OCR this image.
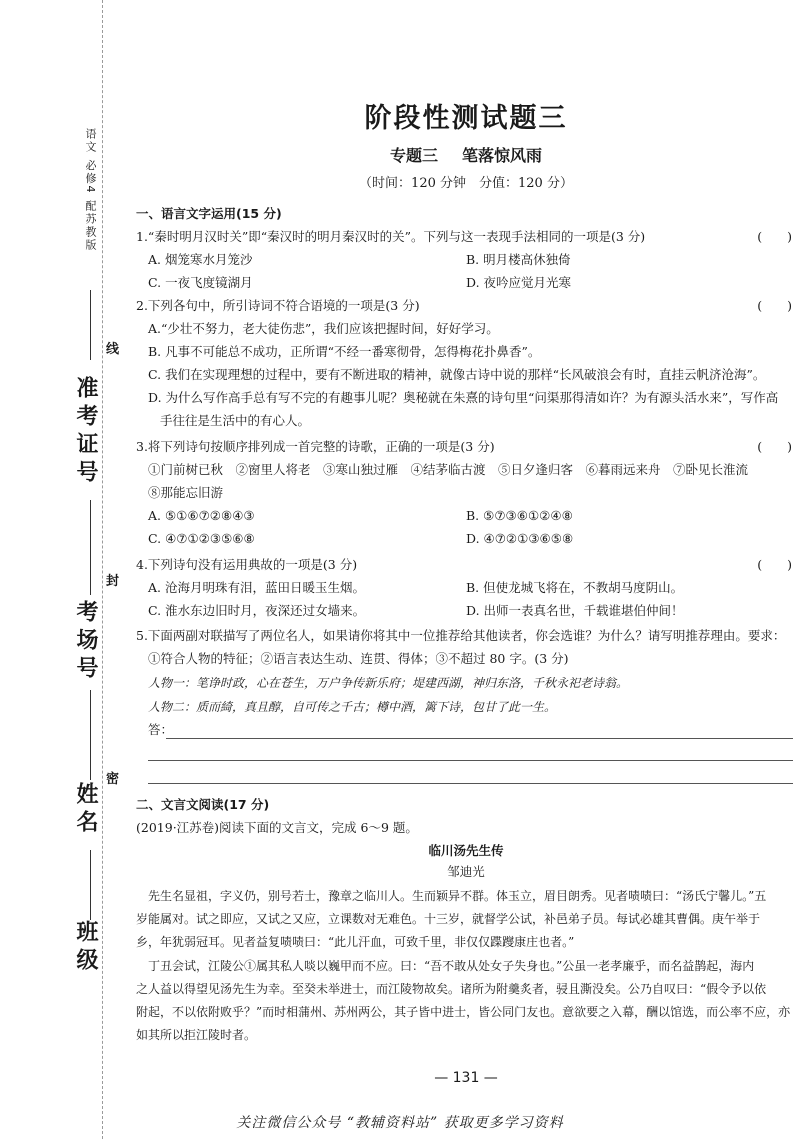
语文 必修4 配苏教版
准考证号
考场号
姓名
班级
线
封
密
阶段性测试题三
专题三 笔落惊风雨
（时间：120 分钟　分值：120 分）
一、语言文字运用(15 分)
1.“秦时明月汉时关”即“秦汉时的明月秦汉时的关”。下列与这一表现手法相同的一项是(3 分)	(　　)
A. 烟笼寒水月笼沙	B. 明月楼高休独倚
C. 一夜飞度镜湖月	D. 夜吟应觉月光寒
2.下列各句中，所引诗词不符合语境的一项是(3 分)	(　　)
A.“少壮不努力，老大徒伤悲”，我们应该把握时间，好好学习。
B. 凡事不可能总不成功，正所谓“不经一番寒彻骨，怎得梅花扑鼻香”。
C. 我们在实现理想的过程中，要有不断进取的精神，就像古诗中说的那样“长风破浪会有时，直挂云帆济沧海”。
D. 为什么写作高手总有写不完的有趣事儿呢？奥秘就在朱熹的诗句里“问渠那得清如许？为有源头活水来”，写作高
手往往是生活中的有心人。
3.将下列诗句按顺序排列成一首完整的诗歌，正确的一项是(3 分)	(　　)
①门前树已秋　②窗里人将老　③寒山独过雁　④结茅临古渡　⑤日夕逢归客　⑥暮雨远来舟　⑦卧见长淮流
⑧那能忘旧游
A. ⑤①⑥⑦②⑧④③	B. ⑤⑦③⑥①②④⑧
C. ④⑦①②③⑤⑥⑧	D. ④⑦②①③⑥⑤⑧
4.下列诗句没有运用典故的一项是(3 分)	(　　)
A. 沧海月明珠有泪，蓝田日暖玉生烟。	B. 但使龙城飞将在，不教胡马度阴山。
C. 淮水东边旧时月，夜深还过女墙来。	D. 出师一表真名世，千载谁堪伯仲间！
5.下面两副对联描写了两位名人，如果请你将其中一位推荐给其他读者，你会选谁？为什么？请写明推荐理由。要求：
①符合人物的特征；②语言表达生动、连贯、得体；③不超过 80 字。(3 分)
人物一：笔诤时政，心在苍生，万户争传新乐府；堤建西湖，神归东洛，千秋永祀老诗翁。
人物二：质而綺，真且醇，自可传之千古；樽中酒，篱下诗，包甘了此一生。
答：
二、文言文阅读(17 分)
(2019·江苏卷)阅读下面的文言文，完成 6～9 题。
临川汤先生传
邹迪光
先生名显祖，字义仍，别号若士，豫章之临川人。生而颖异不群。体玉立，眉目朗秀。见者啧啧曰：“汤氏宁馨儿。”五
岁能属对。试之即应，又试之又应，立课数对无难色。十三岁，就督学公试，补邑弟子员。每试必雄其曹偶。庚午举于
乡，年犹弱冠耳。见者益复啧啧曰：“此儿汗血，可致千里，非仅仅蹀躞康庄也者。”
丁丑会试，江陵公①属其私人啖以巍甲而不应。曰：“吾不敢从处女子失身也。”公虽一老孝廉乎，而名益鹊起，海内
之人益以得望见汤先生为幸。至癸未举进士，而江陵物故矣。诸所为附羹炙者，骎且澌没矣。公乃自叹曰：“假令予以依
附起，不以依附败乎？”而时相蒲州、苏州两公，其子皆中进士，皆公同门友也。意欲要之入幕，酬以馆选，而公率不应，亦
如其所以拒江陵时者。
— 131 —
关注微信公众号 “教辅资料站” 获取更多学习资料
